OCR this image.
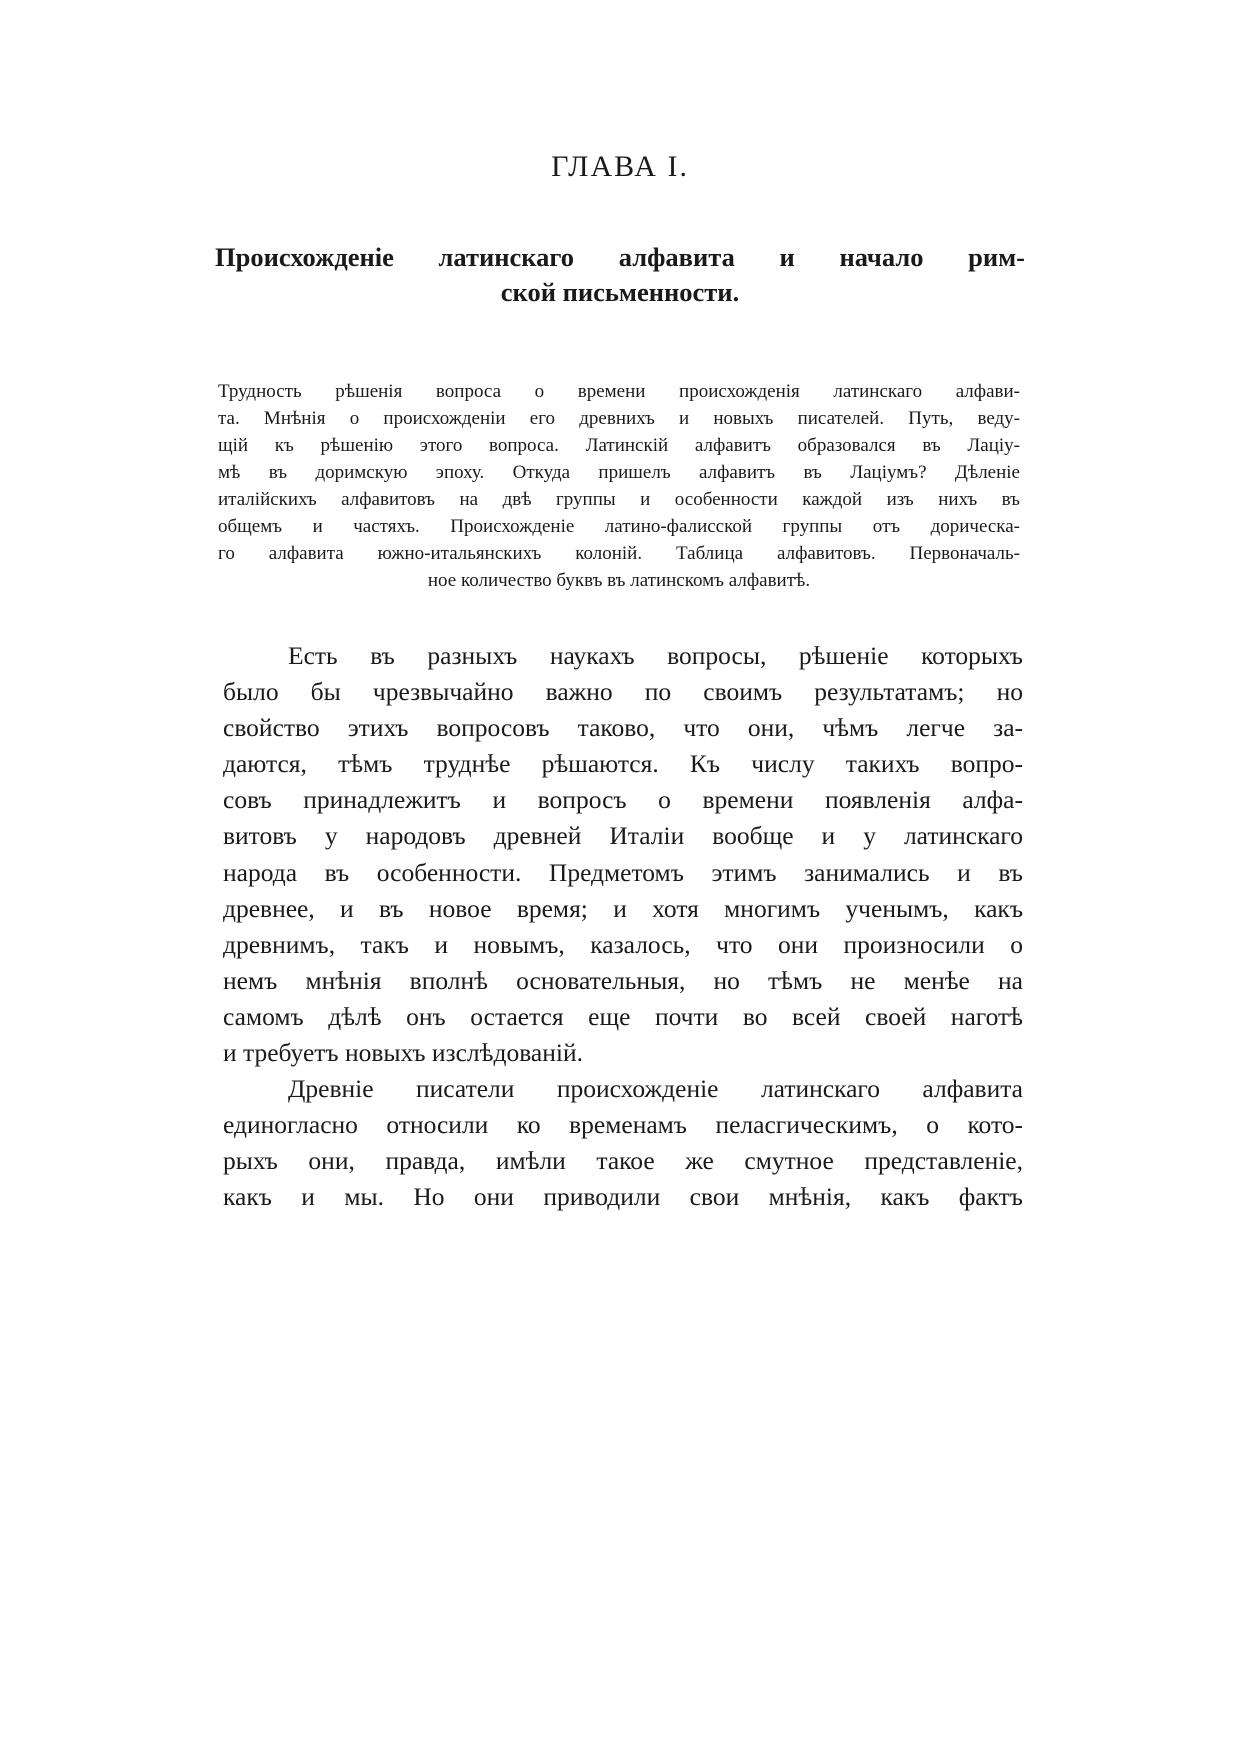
ГЛАВА I.
Происхожденіе латинскаго алфавита и начало рим-
ской письменности.
Трудность рѣшенія вопроса о времени происхожденія латинскаго алфави-
та. Мнѣнія о происхожденіи его древнихъ и новыхъ писателей. Путь, веду-
щій къ рѣшенію этого вопроса. Латинскій алфавитъ образовался въ Лаціу-
мѣ въ доримскую эпоху. Откуда пришелъ алфавитъ въ Лаціумъ? Дѣленіе
италійскихъ алфавитовъ на двѣ группы и особенности каждой изъ нихъ въ
общемъ и частяхъ. Происхожденіе латино-фалисской группы отъ дорическа-
го алфавита южно-итальянскихъ колоній. Таблица алфавитовъ. Первоначаль-
ное количество буквъ въ латинскомъ алфавитѣ.
Есть въ разныхъ наукахъ вопросы, рѣшеніе которыхъ
было бы чрезвычайно важно по своимъ результатамъ; но
свойство этихъ вопросовъ таково, что они, чѣмъ легче за-
даются, тѣмъ труднѣе рѣшаются. Къ числу такихъ вопро-
совъ принадлежитъ и вопросъ о времени появленія алфа-
витовъ у народовъ древней Италіи вообще и у латинскаго
народа въ особенности. Предметомъ этимъ занимались и въ
древнее, и въ новое время; и хотя многимъ ученымъ, какъ
древнимъ, такъ и новымъ, казалось, что они произносили о
немъ мнѣнія вполнѣ основательныя, но тѣмъ не менѣе на
самомъ дѣлѣ онъ остается еще почти во всей своей наготѣ
и требуетъ новыхъ изслѣдованій.
Древніе писатели происхожденіе латинскаго алфавита
единогласно относили ко временамъ пеласгическимъ, о кото-
рыхъ они, правда, имѣли такое же смутное представленіе,
какъ и мы. Но они приводили свои мнѣнія, какъ фактъ
